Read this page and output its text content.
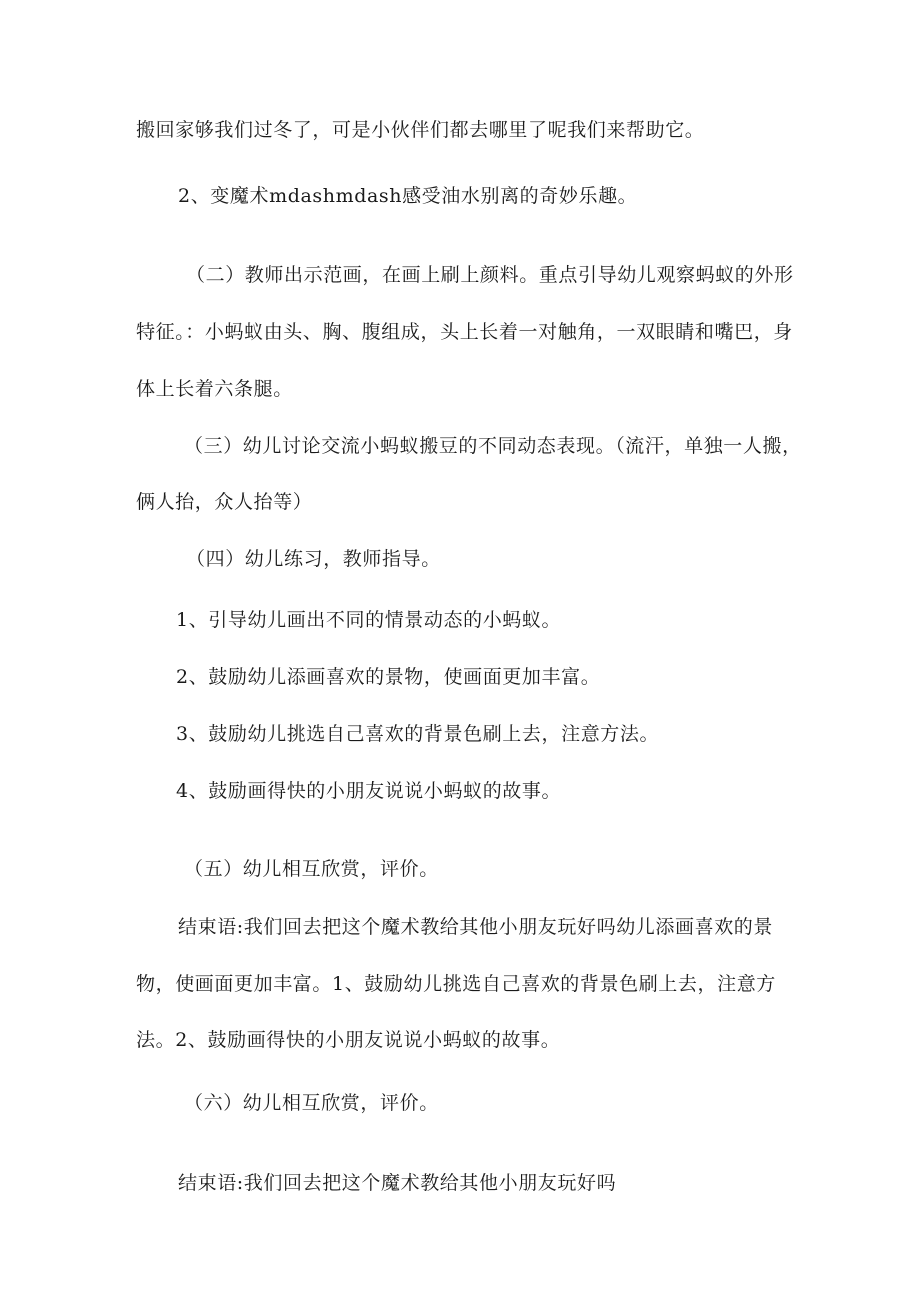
搬回家够我们过冬了，可是小伙伴们都去哪里了呢我们来帮助它。
2、变魔术mdashmdash感受油水别离的奇妙乐趣。
（二）教师出示范画，在画上刷上颜料。重点引导幼儿观察蚂蚁的外形
特征。：小蚂蚁由头、胸、腹组成，头上长着一对触角，一双眼睛和嘴巴，身
体上长着六条腿。
（三）幼儿讨论交流小蚂蚁搬豆的不同动态表现。（流汗，单独一人搬，
俩人抬，众人抬等）
（四）幼儿练习，教师指导。
1、引导幼儿画出不同的情景动态的小蚂蚁。
2、鼓励幼儿添画喜欢的景物，使画面更加丰富。
3、鼓励幼儿挑选自己喜欢的背景色刷上去，注意方法。
4、鼓励画得快的小朋友说说小蚂蚁的故事。
（五）幼儿相互欣赏，评价。
结束语:我们回去把这个魔术教给其他小朋友玩好吗幼儿添画喜欢的景
物，使画面更加丰富。1、鼓励幼儿挑选自己喜欢的背景色刷上去，注意方
法。2、鼓励画得快的小朋友说说小蚂蚁的故事。
（六）幼儿相互欣赏，评价。
结束语:我们回去把这个魔术教给其他小朋友玩好吗
